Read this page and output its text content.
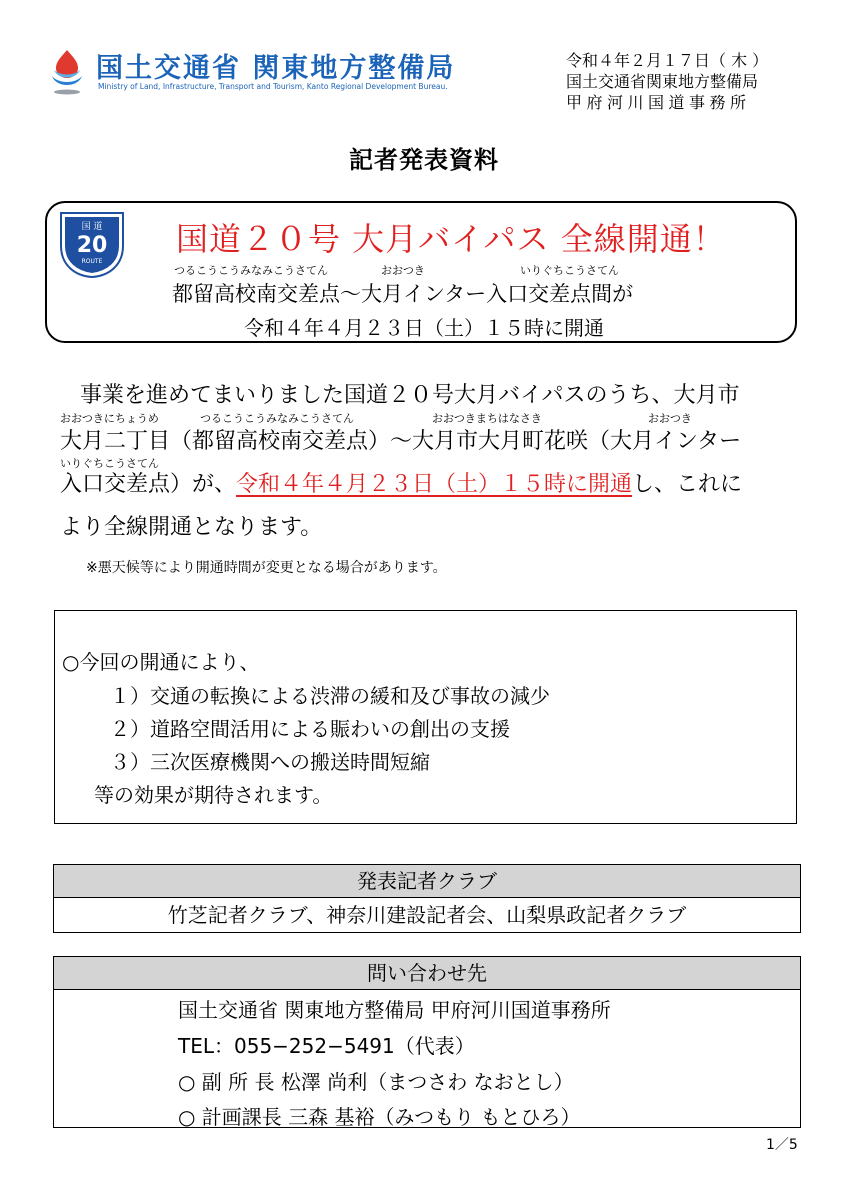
国土交通省 関東地方整備局
Ministry of Land, Infrastructure, Transport and Tourism, Kanto Regional Development Bureau.
令和４年２月１７日（ 木 ）
国土交通省関東地方整備局
甲府河川国道事務所
記者発表資料
国 道
20
ROUTE
国道２０号 大月バイパス 全線開通！
つるこうこうみなみこうさてん	おおつき	いりぐちこうさてん
都留高校南交差点〜大月インター入口交差点間が
令和４年４月２３日（土）１５時に開通
事業を進めてまいりました国道２０号大月バイパスのうち、大月市
おおつきにちょうめ	つるこうこうみなみこうさてん	おおつきまちはなさき	おおつき
大月二丁目（都留高校南交差点）〜大月市大月町花咲（大月インター
いりぐちこうさてん
入口交差点）が、令和４年４月２３日（土）１５時に開通し、これに
より全線開通となります。
※悪天候等により開通時間が変更となる場合があります。
○今回の開通により、
１）交通の転換による渋滞の緩和及び事故の減少
２）道路空間活用による賑わいの創出の支援
３）三次医療機関への搬送時間短縮
等の効果が期待されます。
発表記者クラブ
竹芝記者クラブ、神奈川建設記者会、山梨県政記者クラブ
問い合わせ先
国土交通省 関東地方整備局 甲府河川国道事務所
TEL：055−252−5491（代表）
○ 副 所 長 松澤 尚利（まつさわ なおとし）
○ 計画課長 三森 基裕（みつもり もとひろ）
1／5
